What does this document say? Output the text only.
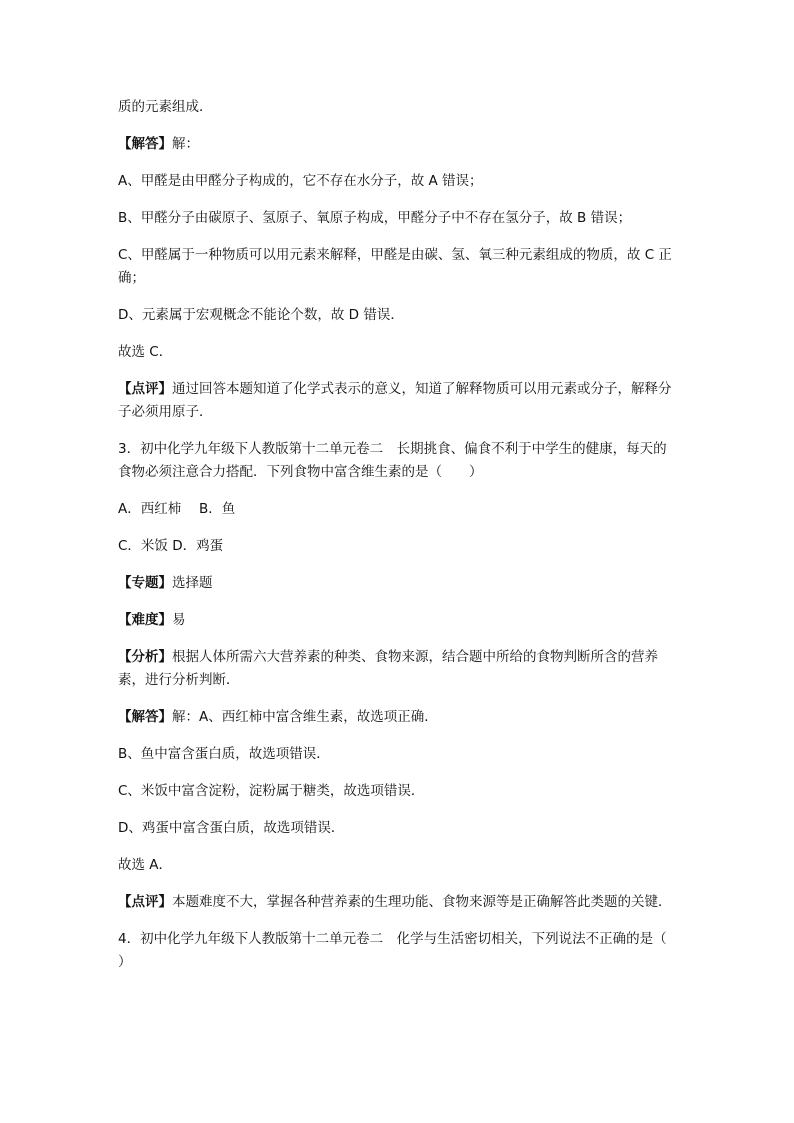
质的元素组成．

【解答】解：

A、甲醛是由甲醛分子构成的，它不存在水分子，故 A 错误；

B、甲醛分子由碳原子、氢原子、氧原子构成，甲醛分子中不存在氢分子，故 B 错误；

C、甲醛属于一种物质可以用元素来解释，甲醛是由碳、氢、氧三种元素组成的物质，故 C 正确；

D、元素属于宏观概念不能论个数，故 D 错误．

故选 C．

【点评】通过回答本题知道了化学式表示的意义，知道了解释物质可以用元素或分子，解释分子必须用原子．

3．初中化学九年级下人教版第十二单元卷二　长期挑食、偏食不利于中学生的健康，每天的食物必须注意合力搭配．下列食物中富含维生素的是（　　）

A．西红柿　 B．鱼

C．米饭 D．鸡蛋

【专题】选择题

【难度】易

【分析】根据人体所需六大营养素的种类、食物来源，结合题中所给的食物判断所含的营养素，进行分析判断．

【解答】解：A、西红柿中富含维生素，故选项正确．

B、鱼中富含蛋白质，故选项错误．

C、米饭中富含淀粉，淀粉属于糖类，故选项错误．

D、鸡蛋中富含蛋白质，故选项错误．

故选 A．

【点评】本题难度不大，掌握各种营养素的生理功能、食物来源等是正确解答此类题的关键．

4．初中化学九年级下人教版第十二单元卷二　化学与生活密切相关，下列说法不正确的是（　　）
